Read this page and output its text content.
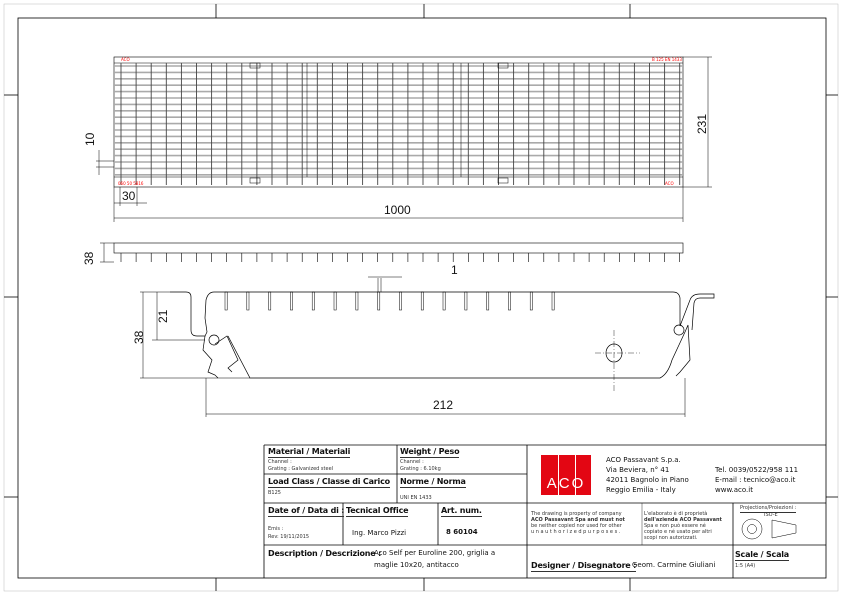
ACO	B 125 EN 1433
060 50 5816	ACO
10
30
1000
231
38
1
38
21
212
Material / Materiali
Channel :
Grating : Galvanized steel
Weight / Peso
Channel :
Grating : 6.10kg
Load Class / Classe di Carico
B125
Norme / Norma
UNI EN 1433
Date of / Data di :
Emis :
Rev: 19/11/2015
Tecnical Office
Ing. Marco Pizzi
Art. num.
8 60104
Description / Descrizione :
Aco Self per Euroline 200, griglia a
maglie 10x20, antitacco
ACO
ACO Passavant S.p.a.
Via Beviera, n° 41
42011 Bagnolo in Piano
Reggio Emilia - Italy
Tel. 0039/0522/958 111
E-mail : tecnico@aco.it
www.aco.it
The drawing is property of company
ACO Passavant Spa and must not
be neither copied nor used for other
u n a u t h o r i z e d p u r p o s e s .
L'elaborato è di proprietà
dell'azienda ACO Passavant
Spa e non può essere né
copiato e né usato per altri
scopi non autorizzati.
Projections/Proiezioni :
ISO-E
Designer / Disegnatore :
Geom. Carmine Giuliani
Scale / Scala
1:5 (A4)
